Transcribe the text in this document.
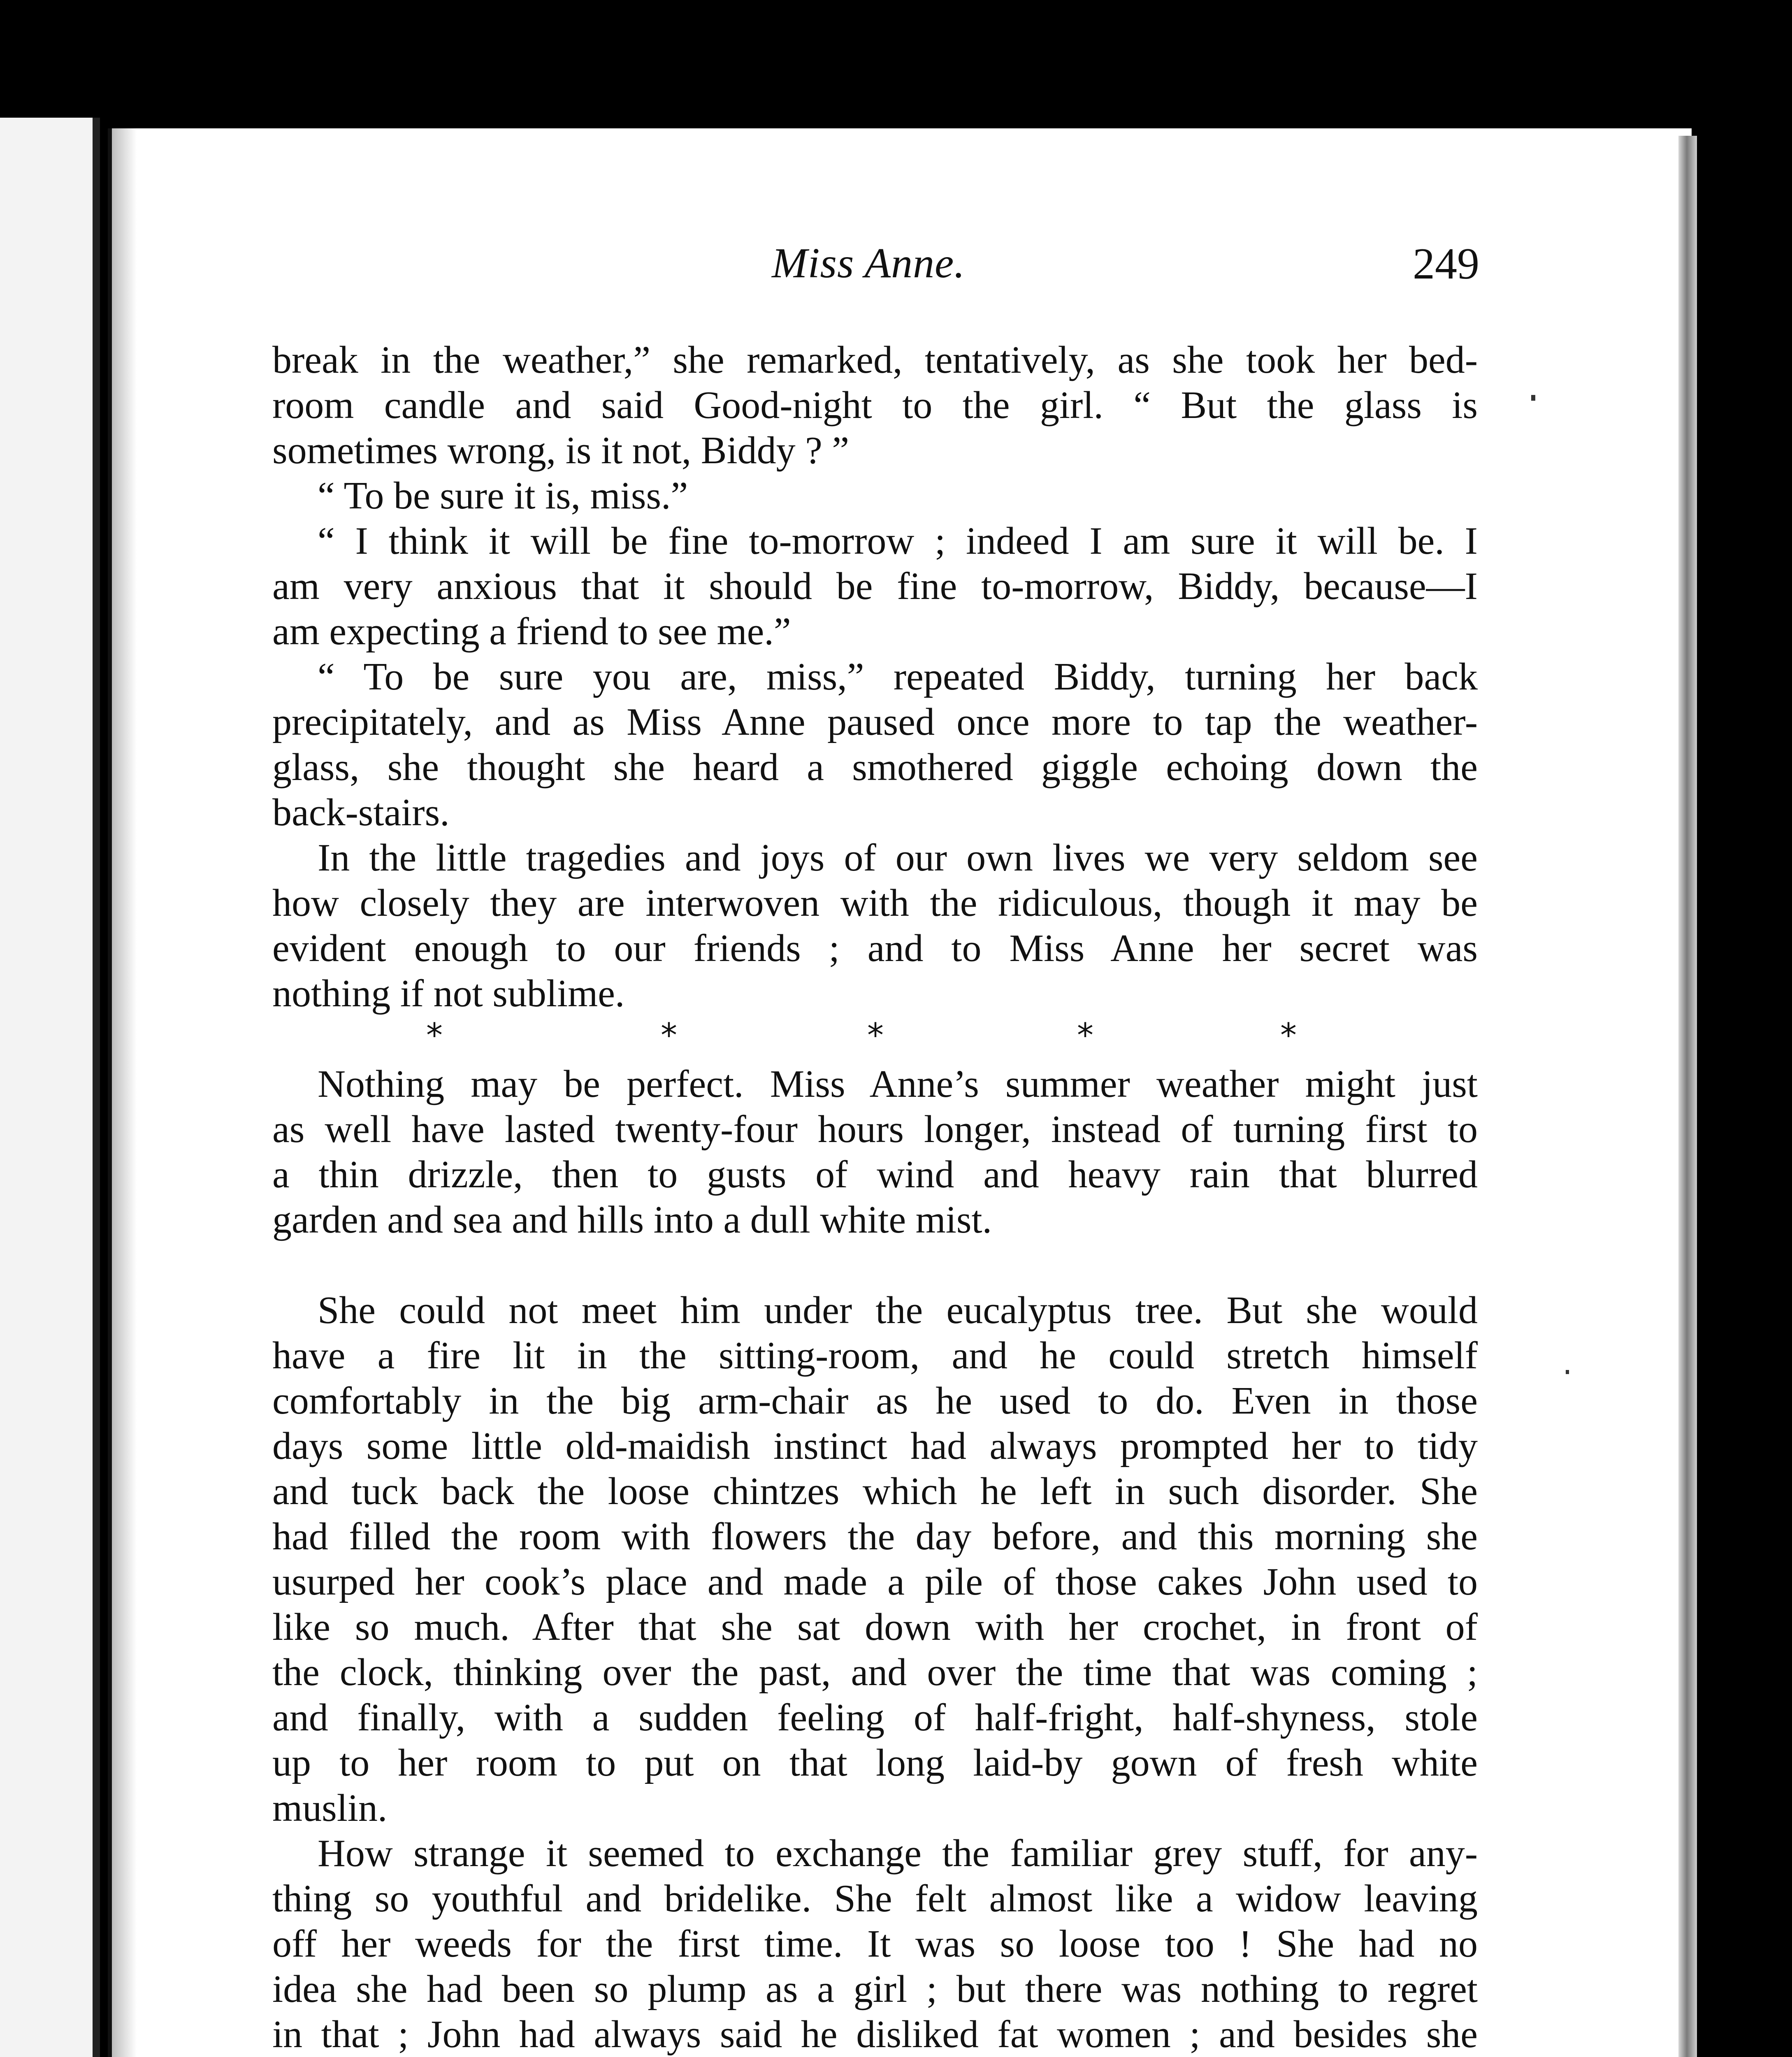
Miss Anne.	249
break in the weather,” she remarked, tentatively, as she took her bed-
room candle and said Good-night to the girl. “ But the glass is
sometimes wrong, is it not, Biddy ? ”
“ To be sure it is, miss.”
“ I think it will be fine to-morrow ; indeed I am sure it will be. I
am very anxious that it should be fine to-morrow, Biddy, because—I
am expecting a friend to see me.”
“ To be sure you are, miss,” repeated Biddy, turning her back
precipitately, and as Miss Anne paused once more to tap the weather-
glass, she thought she heard a smothered giggle echoing down the
back-stairs.
In the little tragedies and joys of our own lives we very seldom see
how closely they are interwoven with the ridiculous, though it may be
evident enough to our friends ; and to Miss Anne her secret was
nothing if not sublime.
*	*	*	*	*
Nothing may be perfect. Miss Anne’s summer weather might just
as well have lasted twenty-four hours longer, instead of turning first to
a thin drizzle, then to gusts of wind and heavy rain that blurred
garden and sea and hills into a dull white mist.
She could not meet him under the eucalyptus tree. But she would
have a fire lit in the sitting-room, and he could stretch himself
comfortably in the big arm-chair as he used to do. Even in those
days some little old-maidish instinct had always prompted her to tidy
and tuck back the loose chintzes which he left in such disorder. She
had filled the room with flowers the day before, and this morning she
usurped her cook’s place and made a pile of those cakes John used to
like so much. After that she sat down with her crochet, in front of
the clock, thinking over the past, and over the time that was coming ;
and finally, with a sudden feeling of half-fright, half-shyness, stole
up to her room to put on that long laid-by gown of fresh white
muslin.
How strange it seemed to exchange the familiar grey stuff, for any-
thing so youthful and bridelike. She felt almost like a widow leaving
off her weeds for the first time. It was so loose too ! She had no
idea she had been so plump as a girl ; but there was nothing to regret
in that ; John had always said he disliked fat women ; and besides she
